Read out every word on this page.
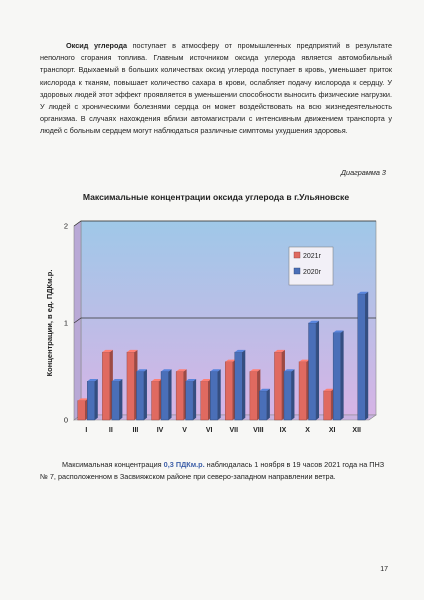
Оксид углерода поступает в атмосферу от промышленных предприятий в результате неполного сгорания топлива. Главным источником оксида углерода является автомобильный транспорт. Вдыхаемый в больших количествах оксид углерода поступает в кровь, уменьшает приток кислорода к тканям, повышает количество сахара в крови, ослабляет подачу кислорода к сердцу. У здоровых людей этот эффект проявляется в уменьшении способности выносить физические нагрузки. У людей с хроническими болезнями сердца он может воздействовать на всю жизнедеятельность организма. В случаях нахождения вблизи автомагистрали с интенсивным движением транспорта у людей с больным сердцем могут наблюдаться различные симптомы ухудшения здоровья.

Диаграмма 3
Максимальные концентрации оксида углерода в г.Ульяновске
0
1
2
Концентрации, в ед. ПДКм.р.
I	II	III	IV	V	VI VII VIII IX	X	XI XII
2021г
2020г

Максимальная концентрация 0,3 ПДКм.р. наблюдалась 1 ноября в 19 часов 2021 года на ПНЗ № 7, расположенном в Засвияжском районе при северо-западном направлении ветра.

17
